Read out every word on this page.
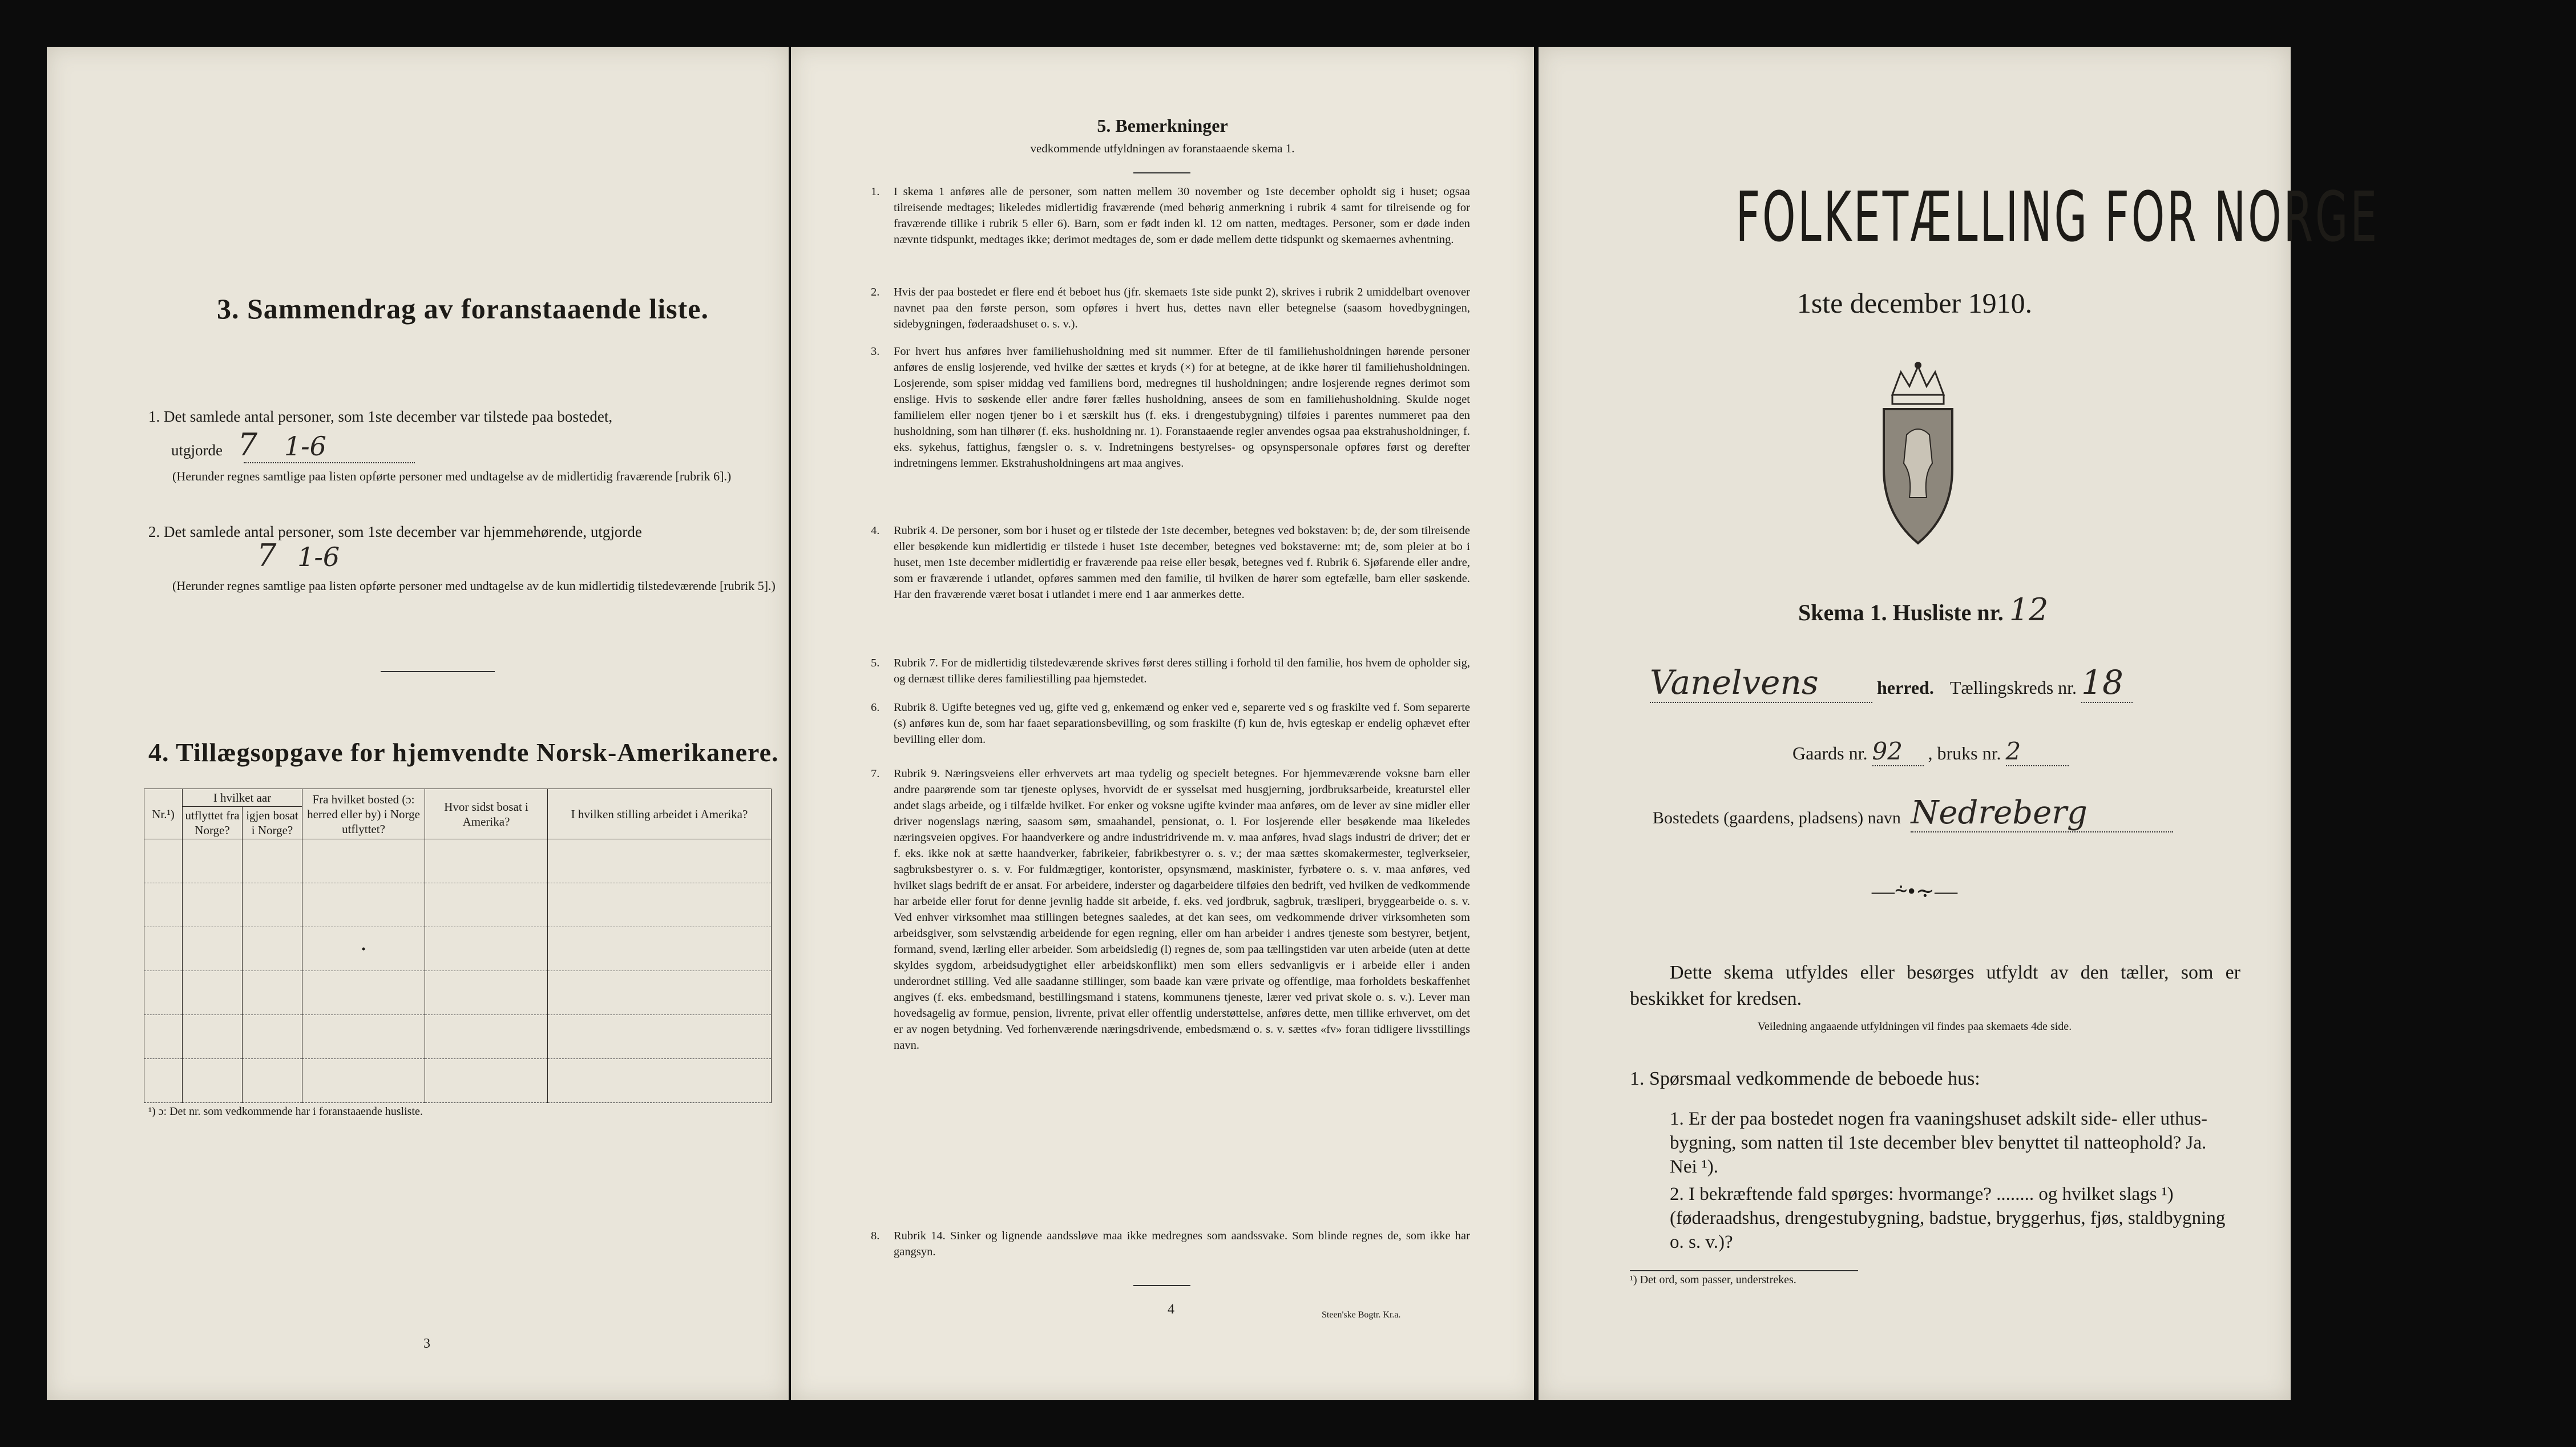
3. Sammendrag av foranstaaende liste.
1. Det samlede antal personer, som 1ste december var tilstede paa bostedet,
utgjorde 7 1-6
(Herunder regnes samtlige paa listen opførte personer med undtagelse av de midlertidig fraværende [rubrik 6].)
2. Det samlede antal personer, som 1ste december var hjemmehørende, utgjorde
7 1-6
(Herunder regnes samtlige paa listen opførte personer med undtagelse av de kun midlertidig tilstedeværende [rubrik 5].)
4. Tillægsopgave for hjemvendte Norsk-Amerikanere.
Nr.¹)	I hvilket aar		Fra hvilket bosted (ɔ: herred eller by) i Norge utflyttet?	Hvor sidst bosat i Amerika?	I hvilken stilling arbeidet i Amerika?
	utflyttet fra Norge?	igjen bosat i Norge?			

			•		

¹) ɔ: Det nr. som vedkommende har i foranstaaende husliste.
3
5. Bemerkninger
vedkommende utfyldningen av foranstaaende skema 1.
1. I skema 1 anføres alle de personer, som natten mellem 30 november og 1ste december opholdt sig i huset; ogsaa tilreisende medtages; likeledes midlertidig fraværende (med behørig anmerkning i rubrik 4 samt for tilreisende og for fraværende tillike i rubrik 5 eller 6). Barn, som er født inden kl. 12 om natten, medtages. Personer, som er døde inden nævnte tidspunkt, medtages ikke; derimot medtages de, som er døde mellem dette tidspunkt og skemaernes avhentning.
2. Hvis der paa bostedet er flere end ét beboet hus (jfr. skemaets 1ste side punkt 2), skrives i rubrik 2 umiddelbart ovenover navnet paa den første person, som opføres i hvert hus, dettes navn eller betegnelse (saasom hovedbygningen, sidebygningen, føderaadshuset o. s. v.).
3. For hvert hus anføres hver familiehusholdning med sit nummer. Efter de til familiehusholdningen hørende personer anføres de enslig losjerende, ved hvilke der sættes et kryds (×) for at betegne, at de ikke hører til familiehusholdningen. Losjerende, som spiser middag ved familiens bord, medregnes til husholdningen; andre losjerende regnes derimot som enslige. Hvis to søskende eller andre fører fælles husholdning, ansees de som en familiehusholdning. Skulde noget familielem eller nogen tjener bo i et særskilt hus (f. eks. i drengestubygning) tilføies i parentes nummeret paa den husholdning, som han tilhører (f. eks. husholdning nr. 1). Foranstaaende regler anvendes ogsaa paa ekstrahusholdninger, f. eks. sykehus, fattighus, fængsler o. s. v. Indretningens bestyrelses- og opsynspersonale opføres først og derefter indretningens lemmer. Ekstrahusholdningens art maa angives.
4. Rubrik 4. De personer, som bor i huset og er tilstede der 1ste december, betegnes ved bokstaven: b; de, der som tilreisende eller besøkende kun midlertidig er tilstede i huset 1ste december, betegnes ved bokstaverne: mt; de, som pleier at bo i huset, men 1ste december midlertidig er fraværende paa reise eller besøk, betegnes ved f. Rubrik 6. Sjøfarende eller andre, som er fraværende i utlandet, opføres sammen med den familie, til hvilken de hører som egtefælle, barn eller søskende. Har den fraværende været bosat i utlandet i mere end 1 aar anmerkes dette.
5. Rubrik 7. For de midlertidig tilstedeværende skrives først deres stilling i forhold til den familie, hos hvem de opholder sig, og dernæst tillike deres familiestilling paa hjemstedet.
6. Rubrik 8. Ugifte betegnes ved ug, gifte ved g, enkemænd og enker ved e, separerte ved s og fraskilte ved f. Som separerte (s) anføres kun de, som har faaet separationsbevilling, og som fraskilte (f) kun de, hvis egteskap er endelig ophævet efter bevilling eller dom.
7. Rubrik 9. Næringsveiens eller erhvervets art maa tydelig og specielt betegnes. For hjemmeværende voksne barn eller andre paarørende som tar tjeneste oplyses, hvorvidt de er sysselsat med husgjerning, jordbruksarbeide, kreaturstel eller andet slags arbeide, og i tilfælde hvilket. For enker og voksne ugifte kvinder maa anføres, om de lever av sine midler eller driver nogenslags næring, saasom søm, smaahandel, pensionat, o. l. For losjerende eller besøkende maa likeledes næringsveien opgives. For haandverkere og andre industridrivende m. v. maa anføres, hvad slags industri de driver; det er f. eks. ikke nok at sætte haandverker, fabrikeier, fabrikbestyrer o. s. v.; der maa sættes skomakermester, teglverkseier, sagbruksbestyrer o. s. v. For fuldmægtiger, kontorister, opsynsmænd, maskinister, fyrbøtere o. s. v. maa anføres, ved hvilket slags bedrift de er ansat. For arbeidere, inderster og dagarbeidere tilføies den bedrift, ved hvilken de vedkommende har arbeide eller forut for denne jevnlig hadde sit arbeide, f. eks. ved jordbruk, sagbruk, træsliperi, bryggearbeide o. s. v. Ved enhver virksomhet maa stillingen betegnes saaledes, at det kan sees, om vedkommende driver virksomheten som arbeidsgiver, som selvstændig arbeidende for egen regning, eller om han arbeider i andres tjeneste som bestyrer, betjent, formand, svend, lærling eller arbeider. Som arbeidsledig (l) regnes de, som paa tællingstiden var uten arbeide (uten at dette skyldes sygdom, arbeidsudygtighet eller arbeidskonflikt) men som ellers sedvanligvis er i arbeide eller i anden underordnet stilling. Ved alle saadanne stillinger, som baade kan være private og offentlige, maa forholdets beskaffenhet angives (f. eks. embedsmand, bestillingsmand i statens, kommunens tjeneste, lærer ved privat skole o. s. v.). Lever man hovedsagelig av formue, pension, livrente, privat eller offentlig understøttelse, anføres dette, men tillike erhvervet, om det er av nogen betydning. Ved forhenværende næringsdrivende, embedsmænd o. s. v. sættes «fv» foran tidligere livsstillings navn.
8. Rubrik 14. Sinker og lignende aandssløve maa ikke medregnes som aandssvake. Som blinde regnes de, som ikke har gangsyn.
4	Steen'ske Bogtr. Kr.a.
FOLKETÆLLING FOR NORGE
1ste december 1910.
Skema 1. Husliste nr. 12
Vanelvens	herred. Tællingskreds nr. 18
Gaards nr. 92 , bruks nr. 2
Bostedets (gaardens, pladsens) navn Nedreberg
—⸞•⸟—
Dette skema utfyldes eller besørges utfyldt av den tæller, som er beskikket for kredsen.
Veiledning angaaende utfyldningen vil findes paa skemaets 4de side.
1. Spørsmaal vedkommende de beboede hus:
1. Er der paa bostedet nogen fra vaaningshuset adskilt side- eller uthus-bygning, som natten til 1ste december blev benyttet til natteophold? Ja. Nei ¹).
2. I bekræftende fald spørges: hvormange? ........ og hvilket slags ¹) (føderaadshus, drengestubygning, badstue, bryggerhus, fjøs, staldbygning o. s. v.)?
¹) Det ord, som passer, understrekes.
